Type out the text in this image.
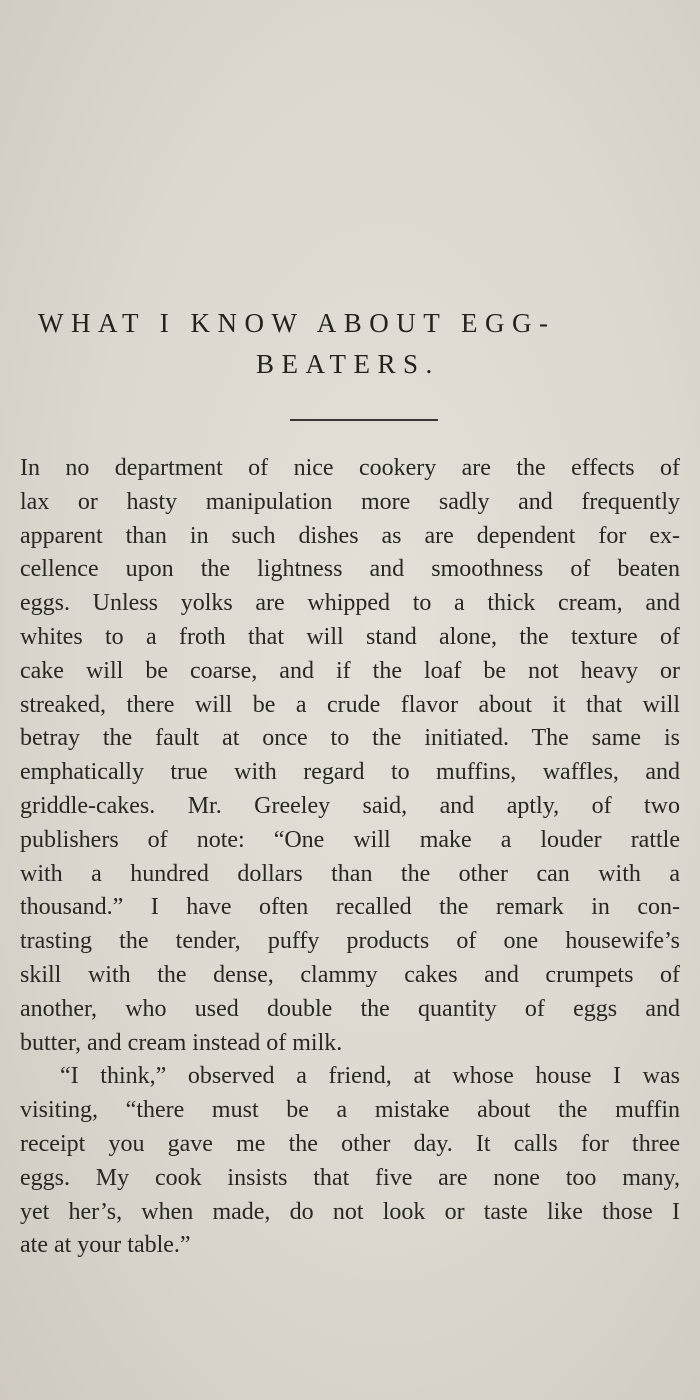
WHAT I KNOW ABOUT EGG-
BEATERS.
In no department of nice cookery are the effects of
lax or hasty manipulation more sadly and frequently
apparent than in such dishes as are dependent for ex-
cellence upon the lightness and smoothness of beaten
eggs. Unless yolks are whipped to a thick cream, and
whites to a froth that will stand alone, the texture of
cake will be coarse, and if the loaf be not heavy or
streaked, there will be a crude flavor about it that will
betray the fault at once to the initiated. The same is
emphatically true with regard to muffins, waffles, and
griddle-cakes. Mr. Greeley said, and aptly, of two
publishers of note: “One will make a louder rattle
with a hundred dollars than the other can with a
thousand.” I have often recalled the remark in con-
trasting the tender, puffy products of one housewife’s
skill with the dense, clammy cakes and crumpets of
another, who used double the quantity of eggs and
butter, and cream instead of milk.
“I think,” observed a friend, at whose house I was
visiting, “there must be a mistake about the muffin
receipt you gave me the other day. It calls for three
eggs. My cook insists that five are none too many,
yet her’s, when made, do not look or taste like those I
ate at your table.”
